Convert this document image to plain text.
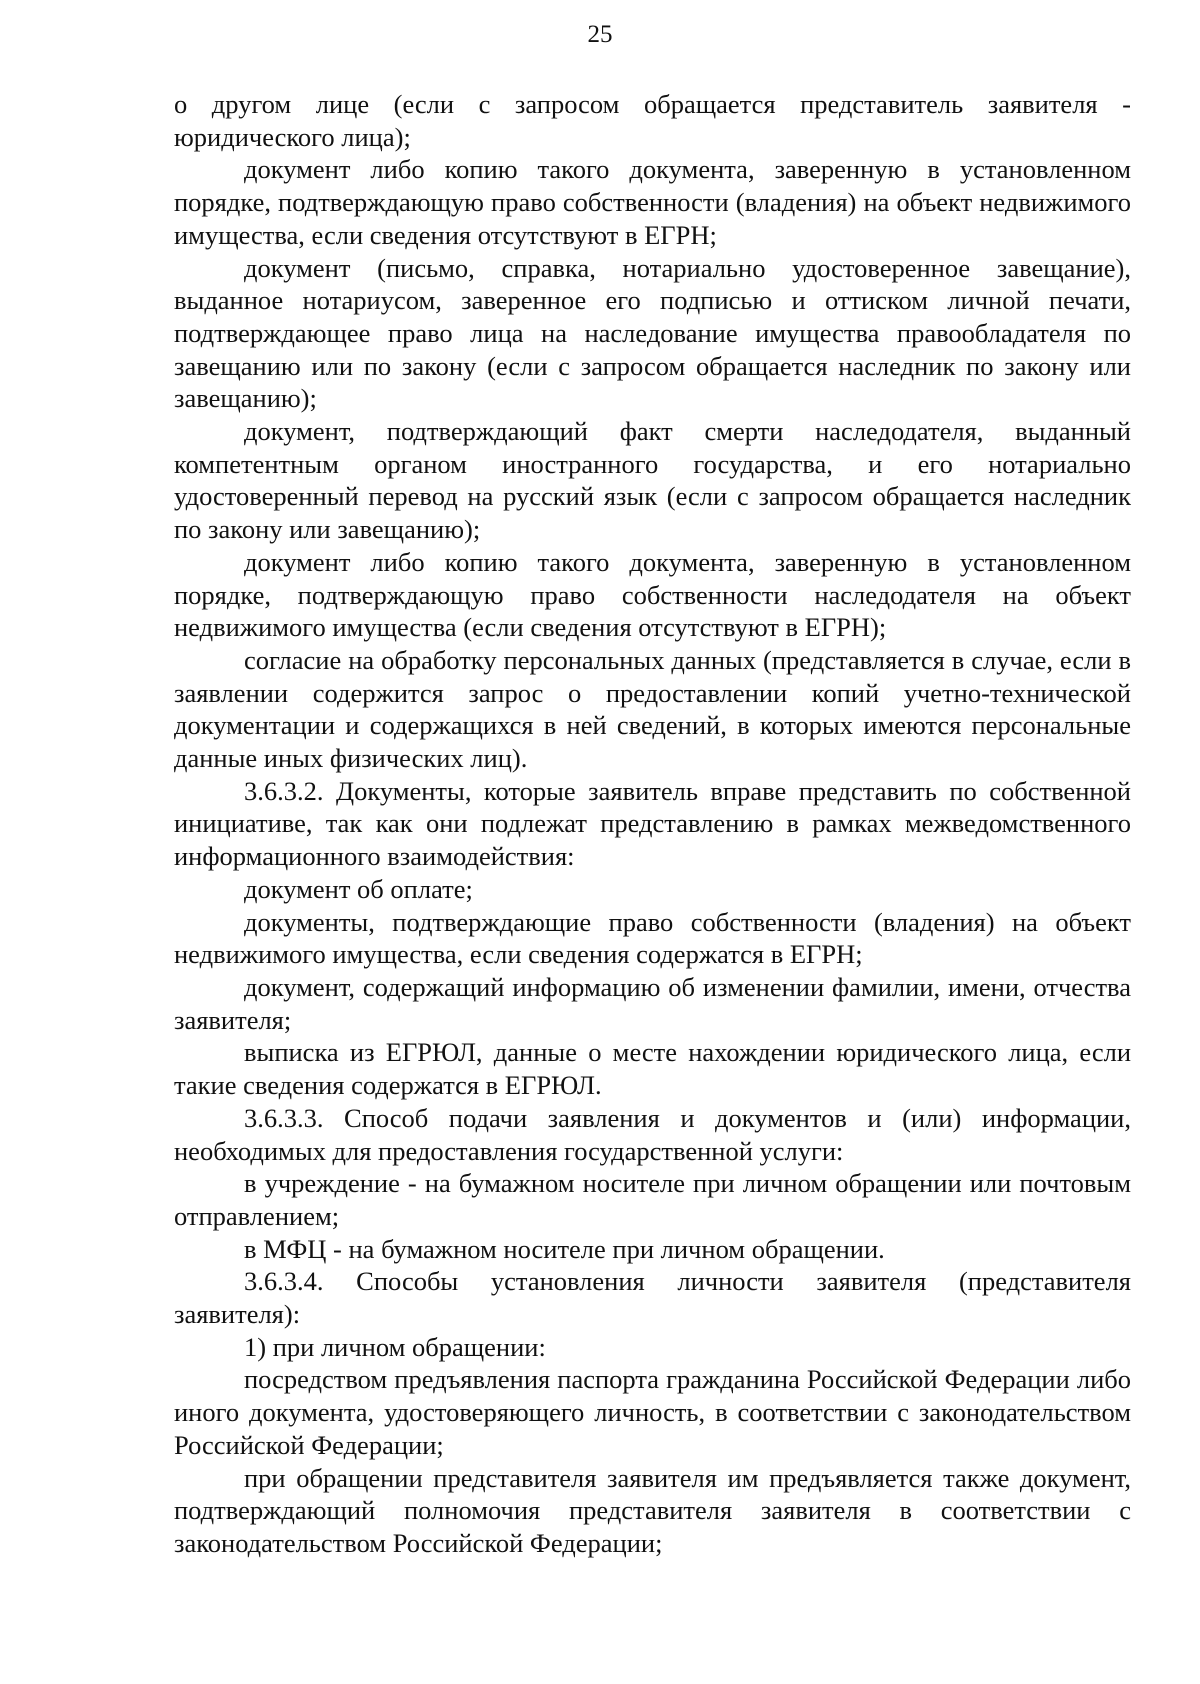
25

о другом лице (если с запросом обращается представитель заявителя - юридического лица);

документ либо копию такого документа, заверенную в установленном порядке, подтверждающую право собственности (владения) на объект недвижимого имущества, если сведения отсутствуют в ЕГРН;

документ (письмо, справка, нотариально удостоверенное завещание), выданное нотариусом, заверенное его подписью и оттиском личной печати, подтверждающее право лица на наследование имущества правообладателя по завещанию или по закону (если с запросом обращается наследник по закону или завещанию);

документ, подтверждающий факт смерти наследодателя, выданный компетентным органом иностранного государства, и его нотариально удостоверенный перевод на русский язык (если с запросом обращается наследник по закону или завещанию);

документ либо копию такого документа, заверенную в установленном порядке, подтверждающую право собственности наследодателя на объект недвижимого имущества (если сведения отсутствуют в ЕГРН);

согласие на обработку персональных данных (представляется в случае, если в заявлении содержится запрос о предоставлении копий учетно-технической документации и содержащихся в ней сведений, в которых имеются персональные данные иных физических лиц).

3.6.3.2. Документы, которые заявитель вправе представить по собственной инициативе, так как они подлежат представлению в рамках межведомственного информационного взаимодействия:

документ об оплате;

документы, подтверждающие право собственности (владения) на объект недвижимого имущества, если сведения содержатся в ЕГРН;

документ, содержащий информацию об изменении фамилии, имени, отчества заявителя;

выписка из ЕГРЮЛ, данные о месте нахождении юридического лица, если такие сведения содержатся в ЕГРЮЛ.

3.6.3.3. Способ подачи заявления и документов и (или) информации, необходимых для предоставления государственной услуги:

в учреждение - на бумажном носителе при личном обращении или почтовым отправлением;

в МФЦ - на бумажном носителе при личном обращении.

3.6.3.4. Способы установления личности заявителя (представителя заявителя):

1) при личном обращении:

посредством предъявления паспорта гражданина Российской Федерации либо иного документа, удостоверяющего личность, в соответствии с законодательством Российской Федерации;

при обращении представителя заявителя им предъявляется также документ, подтверждающий полномочия представителя заявителя в соответствии с законодательством Российской Федерации;
